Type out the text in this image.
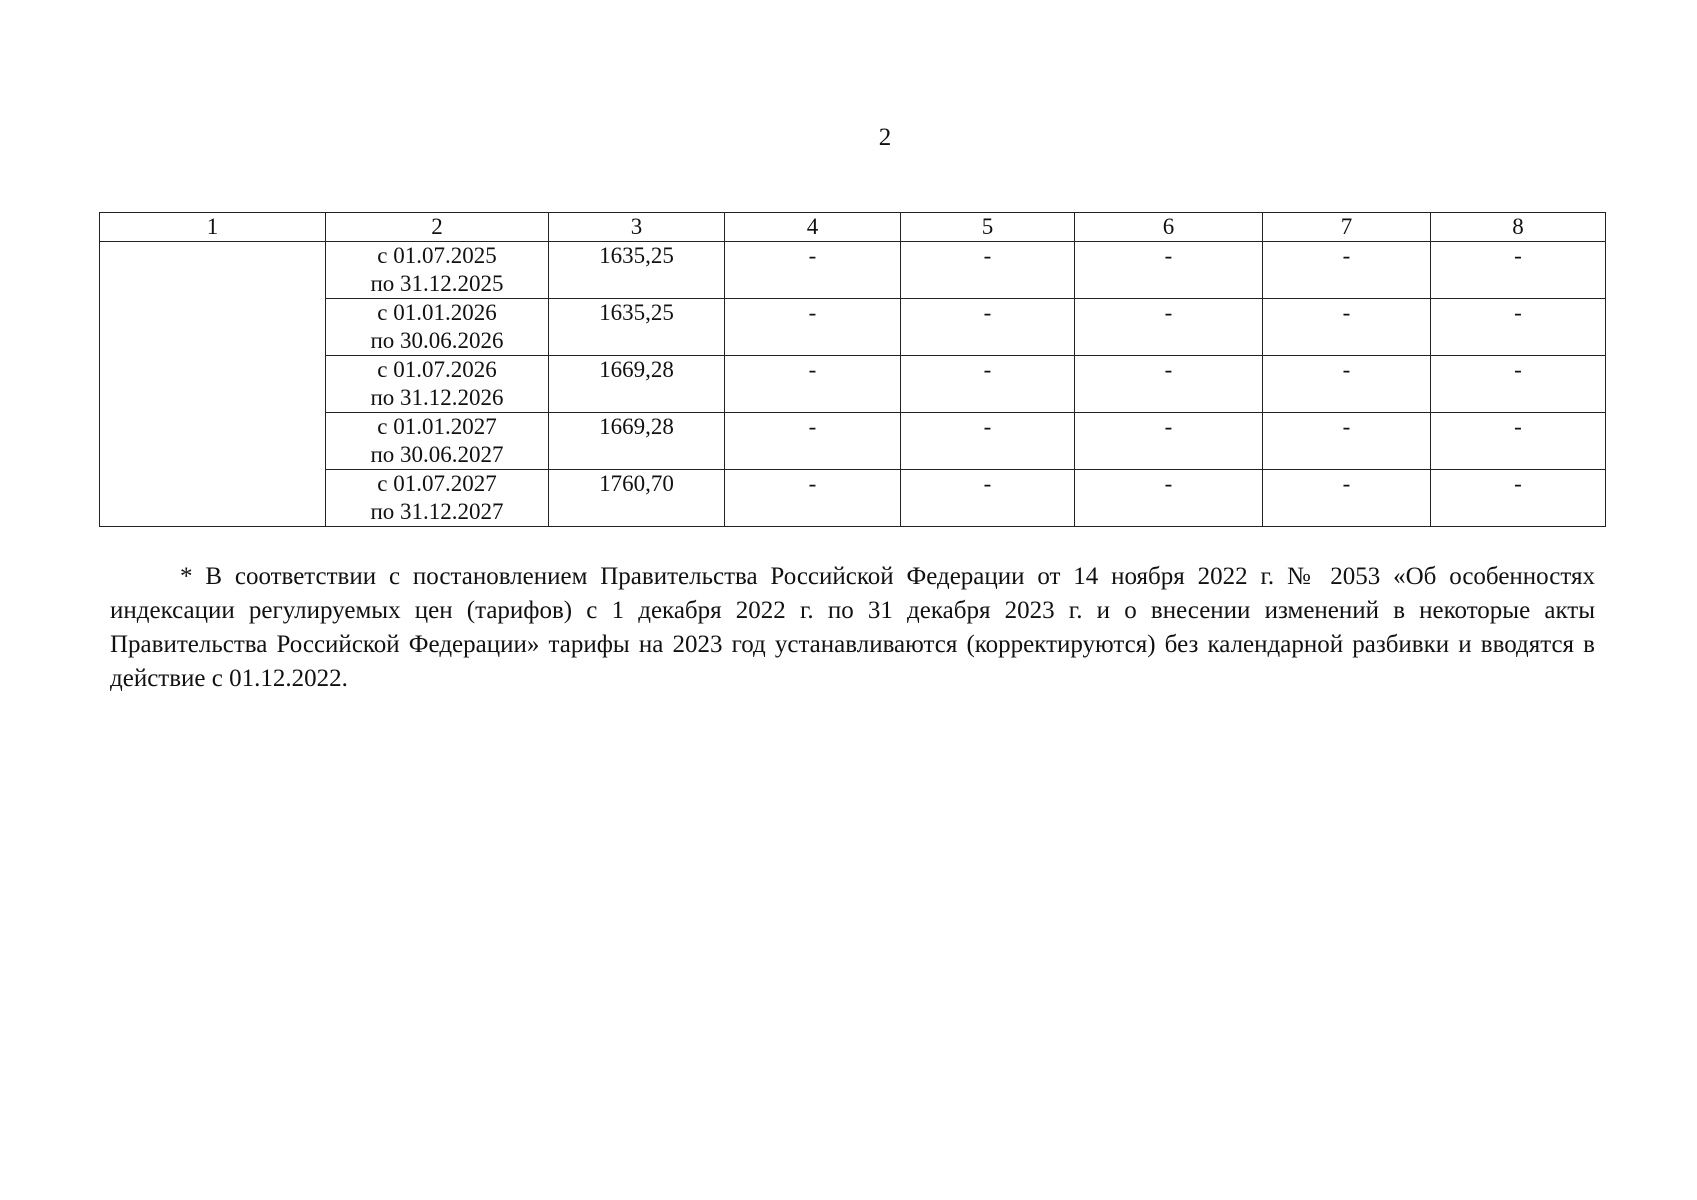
2
1	2	3	4	5	6	7	8

	с 01.07.2025
по 31.12.2025	1635,25	-	-	-	-	-

	с 01.01.2026
по 30.06.2026	1635,25	-	-	-	-	-

	с 01.07.2026
по 31.12.2026	1669,28	-	-	-	-	-

	с 01.01.2027
по 30.06.2027	1669,28	-	-	-	-	-

	с 01.07.2027
по 31.12.2027	1760,70	-	-	-	-	-

* В соответствии с постановлением Правительства Российской Федерации от 14 ноября 2022 г. № 2053 «Об особенностях индексации регулируемых цен (тарифов) с 1 декабря 2022 г. по 31 декабря 2023 г. и о внесении изменений в некоторые акты Правительства Российской Федерации» тарифы на 2023 год устанавливаются (корректируются) без календарной разбивки и вводятся в действие с 01.12.2022.
